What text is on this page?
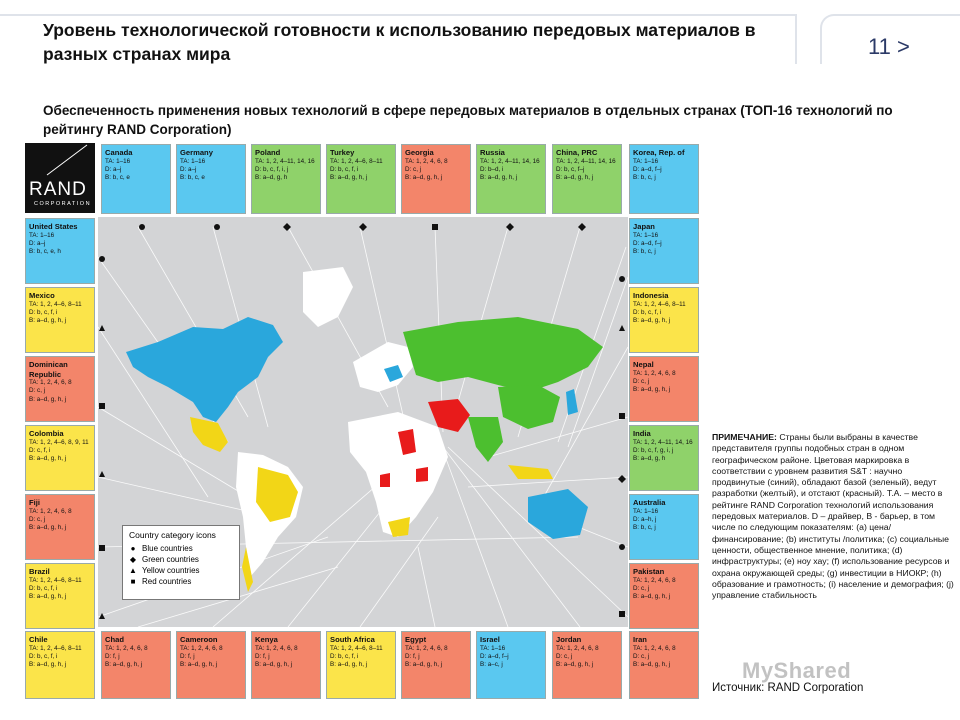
11 >
Уровень технологической готовности к использованию передовых материалов в разных странах мира
Обеспеченность применения новых технологий в сфере передовых материалов в отдельных странах (ТОП-16 технологий по рейтингу RAND Corporation)
RAND
CORPORATION
Country category icons
● Blue countries
◆ Green countries
▲ Yellow countries
■ Red countries
Canada
TA: 1–16
D: a–j
B: b, c, e
Germany
TA: 1–16
D: a–j
B: b, c, e
Poland
TA: 1, 2, 4–11, 14, 16
D: b, c, f, i, j
B: a–d, g, h
Turkey
TA: 1, 2, 4–6, 8–11
D: b, c, f, i
B: a–d, g, h, j
Georgia
TA: 1, 2, 4, 6, 8
D: c, j
B: a–d, g, h, j
Russia
TA: 1, 2, 4–11, 14, 16
D: b–d, i
B: a–d, g, h, j
China, PRC
TA: 1, 2, 4–11, 14, 16
D: b, c, f–j
B: a–d, g, h, j
Korea, Rep. of
TA: 1–16
D: a–d, f–j
B: b, c, j
United States
TA: 1–16
D: a–j
B: b, c, e, h
Mexico
TA: 1, 2, 4–6, 8–11
D: b, c, f, i
B: a–d, g, h, j
Dominican Republic
TA: 1, 2, 4, 6, 8
D: c, j
B: a–d, g, h, j
Colombia
TA: 1, 2, 4–6, 8, 9, 11
D: c, f, i
B: a–d, g, h, j
Fiji
TA: 1, 2, 4, 6, 8
D: c, j
B: a–d, g, h, j
Brazil
TA: 1, 2, 4–6, 8–11
D: b, c, f, i
B: a–d, g, h, j
Chile
TA: 1, 2, 4–6, 8–11
D: b, c, f, i
B: a–d, g, h, j
Japan
TA: 1–16
D: a–d, f–j
B: b, c, j
Indonesia
TA: 1, 2, 4–6, 8–11
D: b, c, f, i
B: a–d, g, h, j
Nepal
TA: 1, 2, 4, 6, 8
D: c, j
B: a–d, g, h, j
India
TA: 1, 2, 4–11, 14, 16
D: b, c, f, g, i, j
B: a–d, g, h
Australia
TA: 1–16
D: a–h, j
B: b, c, j
Pakistan
TA: 1, 2, 4, 6, 8
D: c, j
B: a–d, g, h, j
Iran
TA: 1, 2, 4, 6, 8
D: c, j
B: a–d, g, h, j
Chad
TA: 1, 2, 4, 6, 8
D: f, j
B: a–d, g, h, j
Cameroon
TA: 1, 2, 4, 6, 8
D: f, j
B: a–d, g, h, j
Kenya
TA: 1, 2, 4, 6, 8
D: f, j
B: a–d, g, h, j
South Africa
TA: 1, 2, 4–6, 8–11
D: b, c, f, i
B: a–d, g, h, j
Egypt
TA: 1, 2, 4, 6, 8
D: f, j
B: a–d, g, h, j
Israel
TA: 1–16
D: a–d, f–j
B: a–c, j
Jordan
TA: 1, 2, 4, 6, 8
D: c, j
B: a–d, g, h, j
ПРИМЕЧАНИЕ: Страны были выбраны в качестве представителя группы подобных стран в одном географическом районе. Цветовая маркировка в соответствии с уровнем развития S&T : научно продвинутые (синий), обладают базой (зеленый), ведут разработки (желтый), и отстают (красный). Т.А. – место в рейтинге RAND Corporation технологий использования передовых материалов. D – драйвер, B - барьер, в том числе по следующим показателям: (a) цена/финансирование; (b) институты /политика; (c) социальные ценности, общественное мнение, политика; (d) инфраструктуры; (e) ноу хау; (f) использование ресурсов и охрана окружающей среды; (g) инвестиции в НИОКР; (h) образование и грамотность; (i) население и демография; (j) управление стабильность
MyShared
Источник: RAND Corporation
